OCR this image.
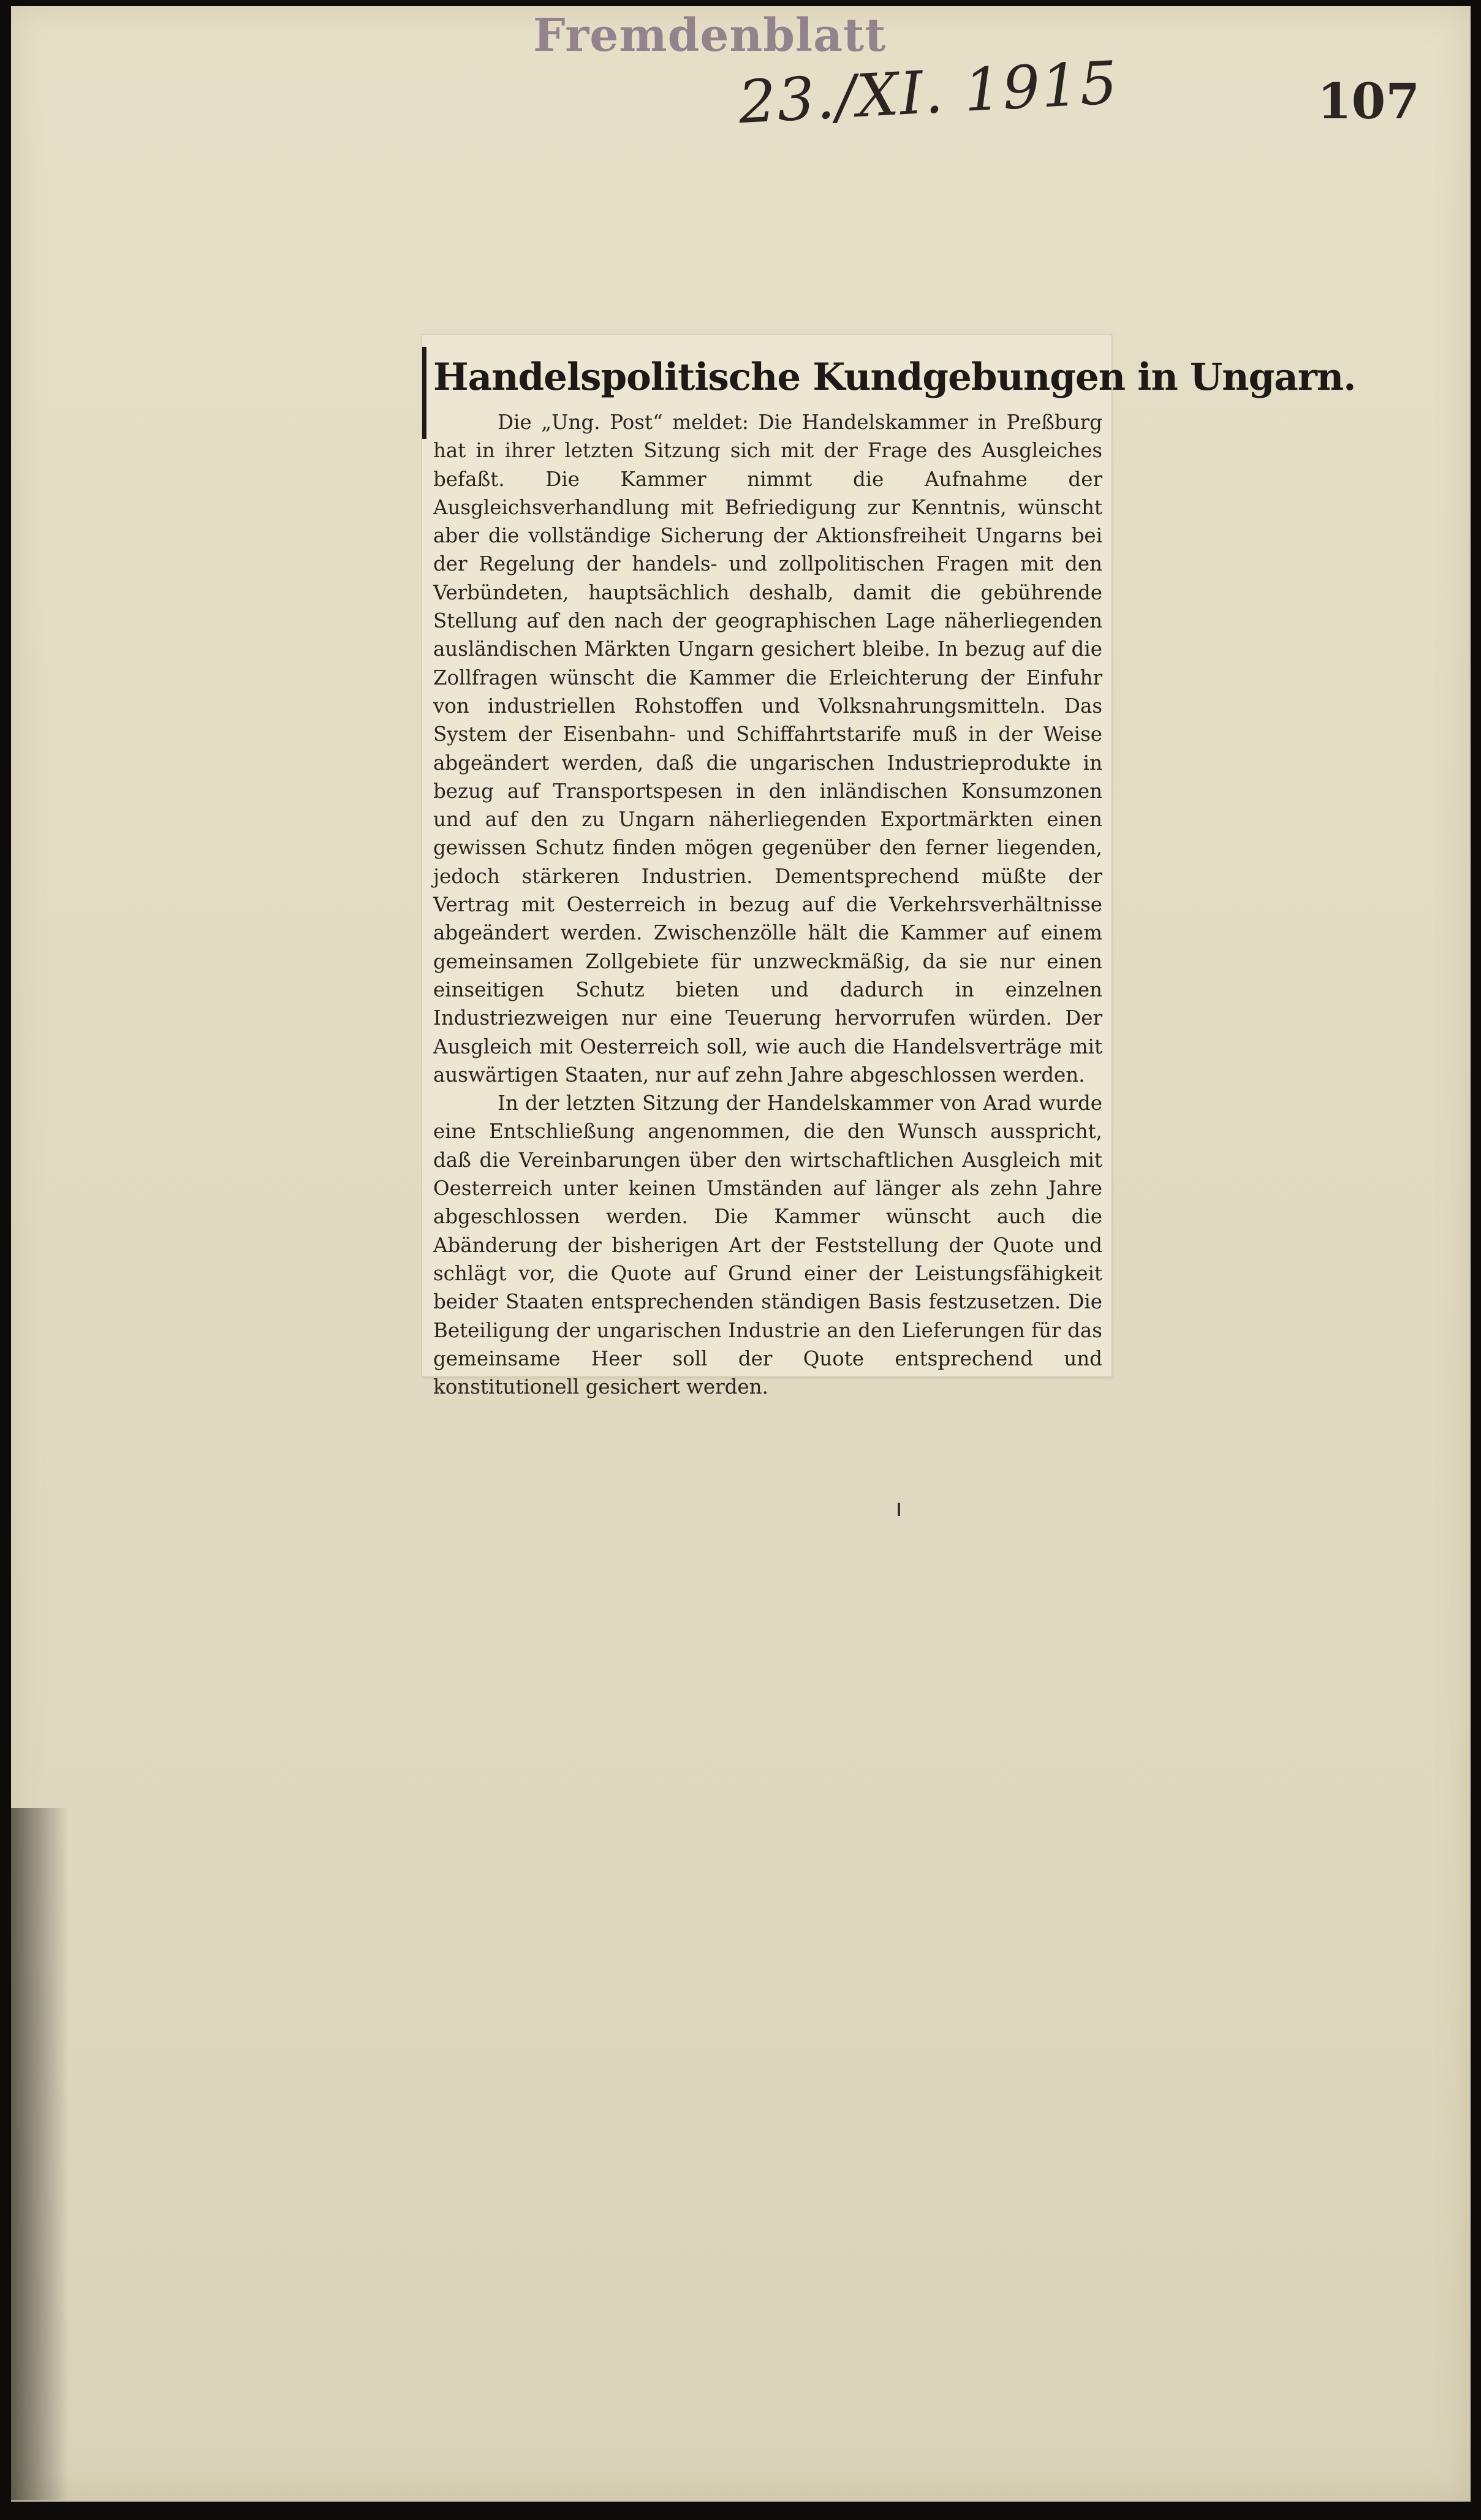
Fremdenblatt
23./XI. 1915	107
Handelspolitische Kundgebungen in Ungarn.

Die „Ung. Post“ meldet: Die Handelskammer in Preßburg hat in ihrer letzten Sitzung sich mit der Frage des Ausgleiches befaßt. Die Kammer nimmt die Aufnahme der Ausgleichsverhandlung mit Befriedigung zur Kenntnis, wünscht aber die vollständige Sicherung der Aktionsfreiheit Ungarns bei der Regelung der handels- und zollpolitischen Fragen mit den Verbündeten, hauptsächlich deshalb, damit die gebührende Stellung auf den nach der geographischen Lage näherliegenden ausländischen Märkten Ungarn gesichert bleibe. In bezug auf die Zollfragen wünscht die Kammer die Erleichterung der Einfuhr von industriellen Rohstoffen und Volksnahrungsmitteln. Das System der Eisenbahn- und Schiffahrtstarife muß in der Weise abgeändert werden, daß die ungarischen Industrieprodukte in bezug auf Transportspesen in den inländischen Konsumzonen und auf den zu Ungarn näherliegenden Exportmärkten einen gewissen Schutz finden mögen gegenüber den ferner liegenden, jedoch stärkeren Industrien. Dementsprechend müßte der Vertrag mit Oesterreich in bezug auf die Verkehrsverhältnisse abgeändert werden. Zwischenzölle hält die Kammer auf einem gemeinsamen Zollgebiete für unzweckmäßig, da sie nur einen einseitigen Schutz bieten und dadurch in einzelnen Industriezweigen nur eine Teuerung hervorrufen würden. Der Ausgleich mit Oesterreich soll, wie auch die Handelsverträge mit auswärtigen Staaten, nur auf zehn Jahre abgeschlossen werden.

In der letzten Sitzung der Handelskammer von Arad wurde eine Entschließung angenommen, die den Wunsch ausspricht, daß die Vereinbarungen über den wirtschaftlichen Ausgleich mit Oesterreich unter keinen Umständen auf länger als zehn Jahre abgeschlossen werden. Die Kammer wünscht auch die Abänderung der bisherigen Art der Feststellung der Quote und schlägt vor, die Quote auf Grund einer der Leistungsfähigkeit beider Staaten entsprechenden ständigen Basis festzusetzen. Die Beteiligung der ungarischen Industrie an den Lieferungen für das gemeinsame Heer soll der Quote entsprechend und konstitutionell gesichert werden.
